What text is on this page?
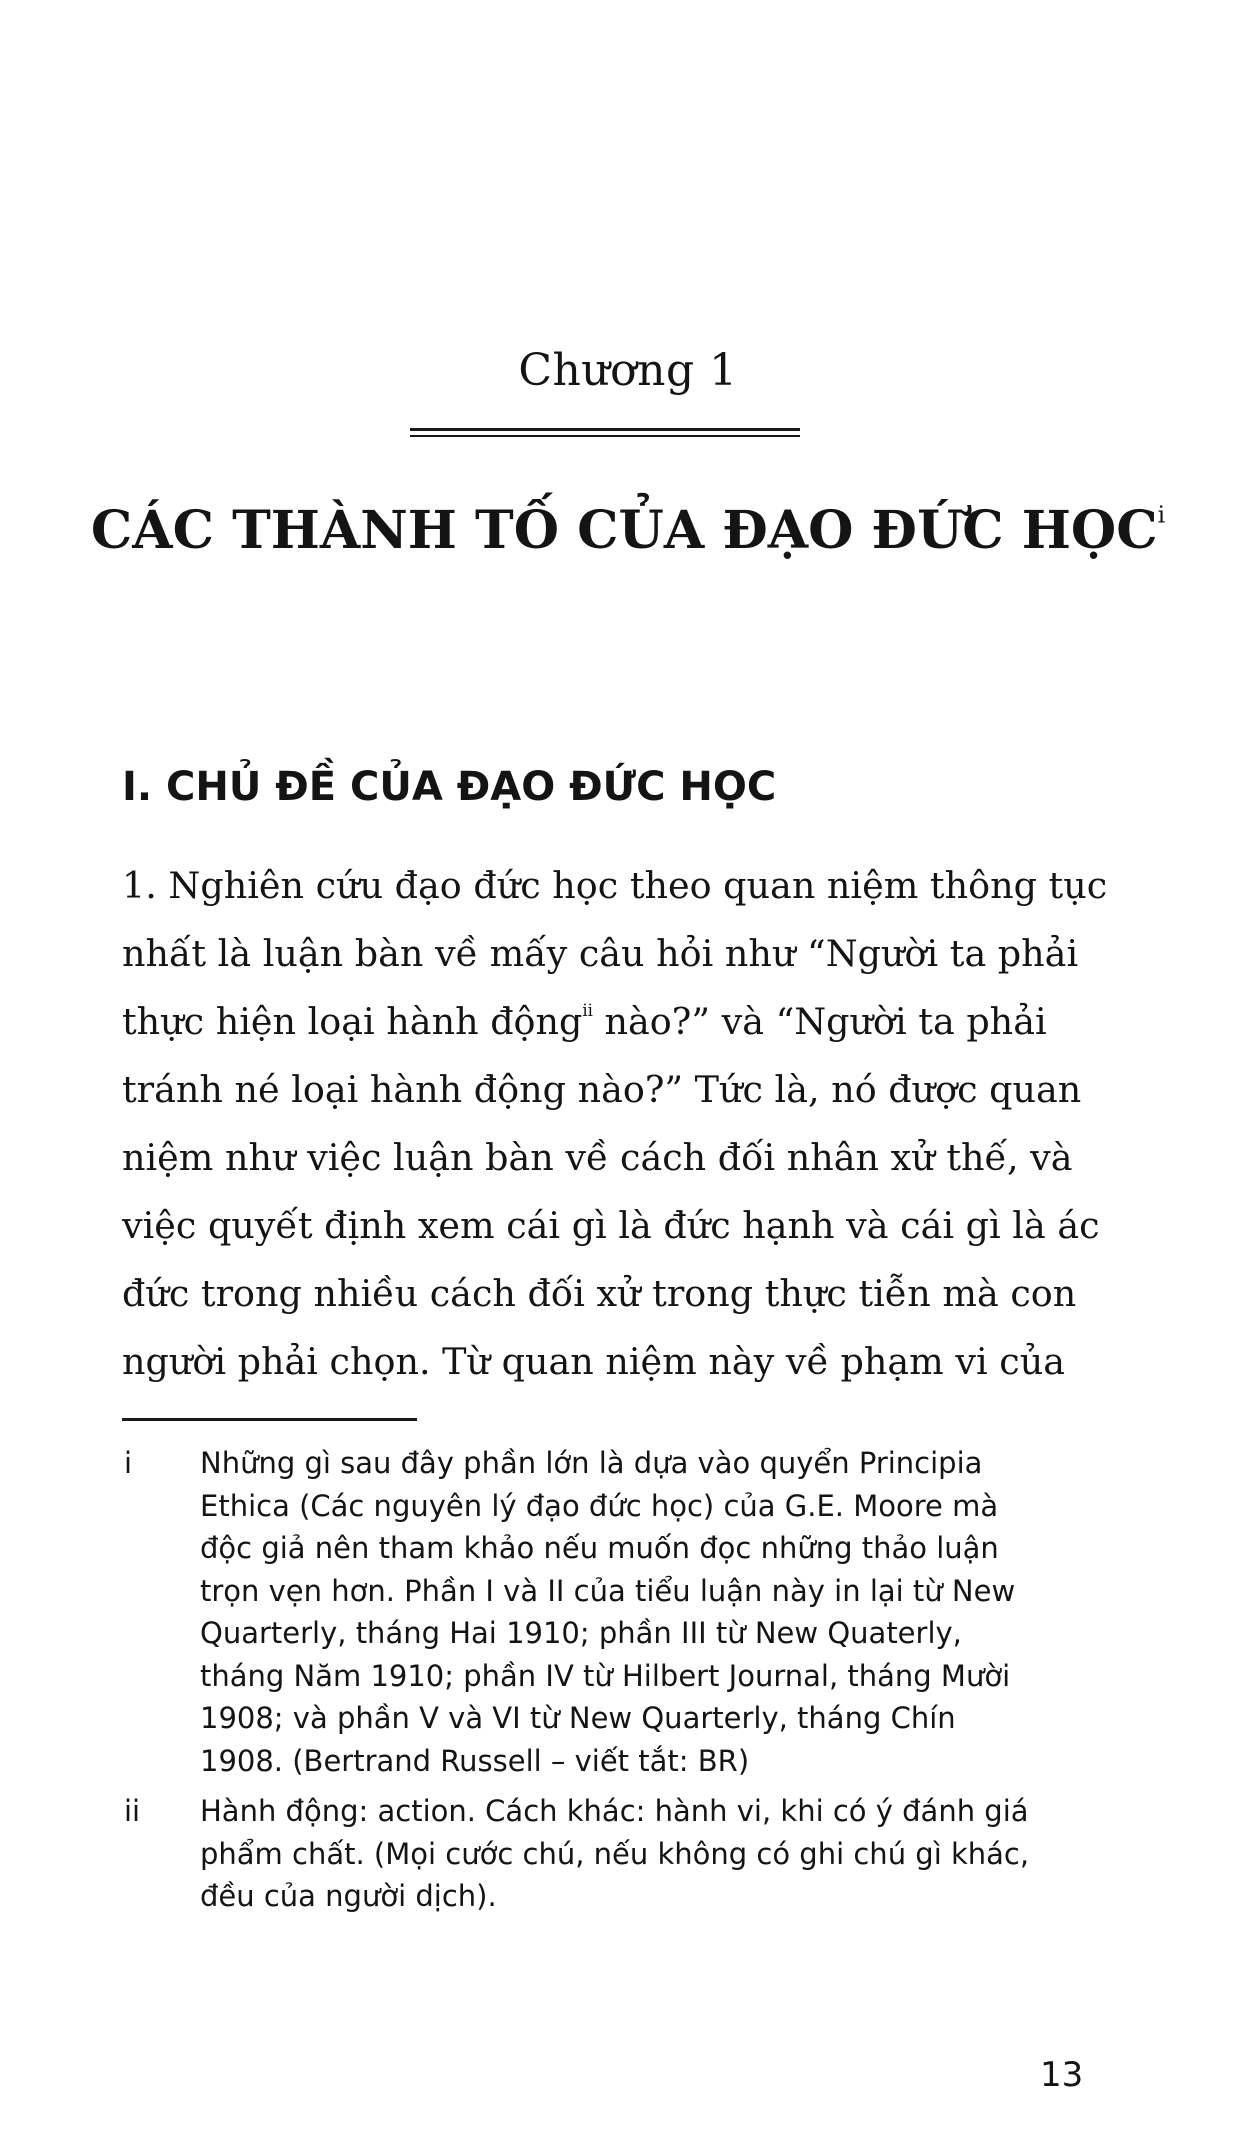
Chương 1
CÁC THÀNH TỐ CỦA ĐẠO ĐỨC HỌC$^i$
I. CHỦ ĐỀ CỦA ĐẠO ĐỨC HỌC
1. Nghiên cứu đạo đức học theo quan niệm thông tục
nhất là luận bàn về mấy câu hỏi như “Người ta phải
thực hiện loại hành động$^{ii}$ nào?” và “Người ta phải
tránh né loại hành động nào?” Tức là, nó được quan
niệm như việc luận bàn về cách đối nhân xử thế, và
việc quyết định xem cái gì là đức hạnh và cái gì là ác
đức trong nhiều cách đối xử trong thực tiễn mà con
người phải chọn. Từ quan niệm này về phạm vi của
i Những gì sau đây phần lớn là dựa vào quyển Principia
Ethica (Các nguyên lý đạo đức học) của G.E. Moore mà
độc giả nên tham khảo nếu muốn đọc những thảo luận
trọn vẹn hơn. Phần I và II của tiểu luận này in lại từ New
Quarterly, tháng Hai 1910; phần III từ New Quaterly,
tháng Năm 1910; phần IV từ Hilbert Journal, tháng Mười
1908; và phần V và VI từ New Quarterly, tháng Chín
1908. (Bertrand Russell – viết tắt: BR)
ii Hành động: action. Cách khác: hành vi, khi có ý đánh giá
phẩm chất. (Mọi cước chú, nếu không có ghi chú gì khác,
đều của người dịch).
13
